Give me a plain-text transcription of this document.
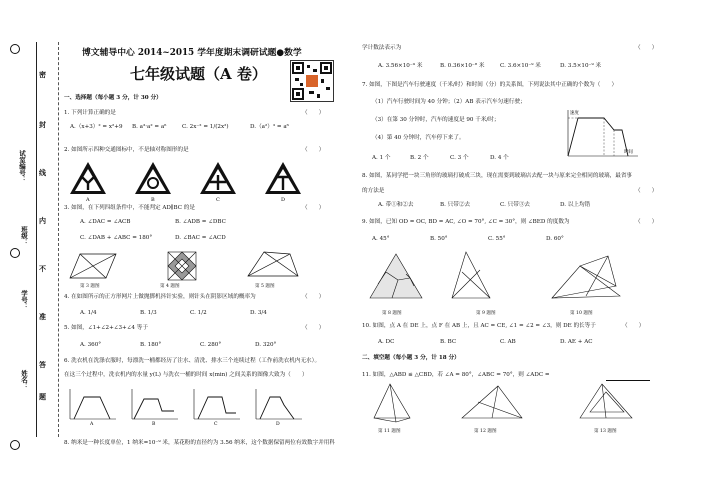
密
封
线
内
不
准
答
题
试室编号：
班级：
学号：
姓名：
博文辅导中心 2014~2015 学年度期末调研试题●数学
七年级试题（A 卷）
一、选择题（每小题 3 分，计 30 分）
1. 下列计算正确的是	（　　）
A.（x+3）² = x²+9 B. a³·a² = a⁶	C. 2x⁻² = 1/(2x²)	D.（a²）³ = a⁶
2. 如图所示四种交通图标中，不是轴对称图形的是	（　　）
A	B	C	D
3. 如图，在下列四组条件中，不能判定 AD∥BC 的是	（　　）
A. ∠DAC = ∠ACB	B. ∠ADB = ∠DBC
C. ∠DAB + ∠ABC = 180°	D. ∠BAC = ∠ACD
第 3 题图	第 4 题图	第 5 题图
4. 在如图所示的正方形网片上做抛掷机抖针实验，则针头在阴影区域的概率为	（　　）
A. 1/4	B. 1/3	C. 1/2	D. 3/4
5. 如图，∠1+∠2+∠3+∠4 等于	（　　）
A. 360°	B. 180°	C. 280°	D. 320°
6. 洗衣机在洗涤衣服时，每漂洗一桶都经历了注水、清洗、排水三个连续过程（工作前洗衣机内无水）。
在这三个过程中，洗衣机内的水量 y(L) 与洗衣一桶的时间 x(min) 之间关系的图像大致为（　　）
A	B	C	D
8. 纳米是一种长度单位，1 纳米=10⁻⁹ 米，某花粉的直径约为 3.56 纳米，这个数据保留两位有效数字并用科
学计数法表示为	（　　）
A. 3.56×10⁻⁹ 米	B. 0.36×10⁻⁸ 米	C. 3.6×10⁻⁹ 米	D. 3.5×10⁻⁹ 米
7. 如图，下图是汽车行驶速度（千米/时）和时间（分）的关系图，下列说法其中正确的个数为（　　）
（1）汽车行驶时间为 40 分钟；（2）AB 表示汽车匀速行驶；
（3）在第 30 分钟时，汽车的速度是 90 千米/时；
（4）第 40 分钟时，汽车停下来了。
A. 1 个	B. 2 个	C. 3 个	D. 4 个
速度
时间
8. 如图，某同学把一块三角形的玻璃打破成三块，现在需要到玻璃店去配一块与原来完全相同的玻璃，最省事
的方法是	（　　）
A. 带①和②去	B. 只带②去	C. 只带③去	D. 以上均错
9. 如图，已知 OD = OC, BD = AC, ∠O = 70°, ∠C = 30°，则 ∠BED 的度数为	（　　）
A. 45°	B. 50°	C. 55°	D. 60°
第 8 题图	第 9 题图	第 10 题图
10. 如图，点 A 在 DE 上，点 F 在 AB 上，且 AC = CE, ∠1 = ∠2 = ∠3，则 DE 的长等于	（　　）
A. DC	B. BC	C. AB	D. AE + AC
二、填空题（每小题 3 分，计 18 分）
11. 如图，△ABD ≌ △CBD，若 ∠A = 80°，∠ABC = 70°，则 ∠ADC =
第 11 题图	第 12 题图	第 13 题图
